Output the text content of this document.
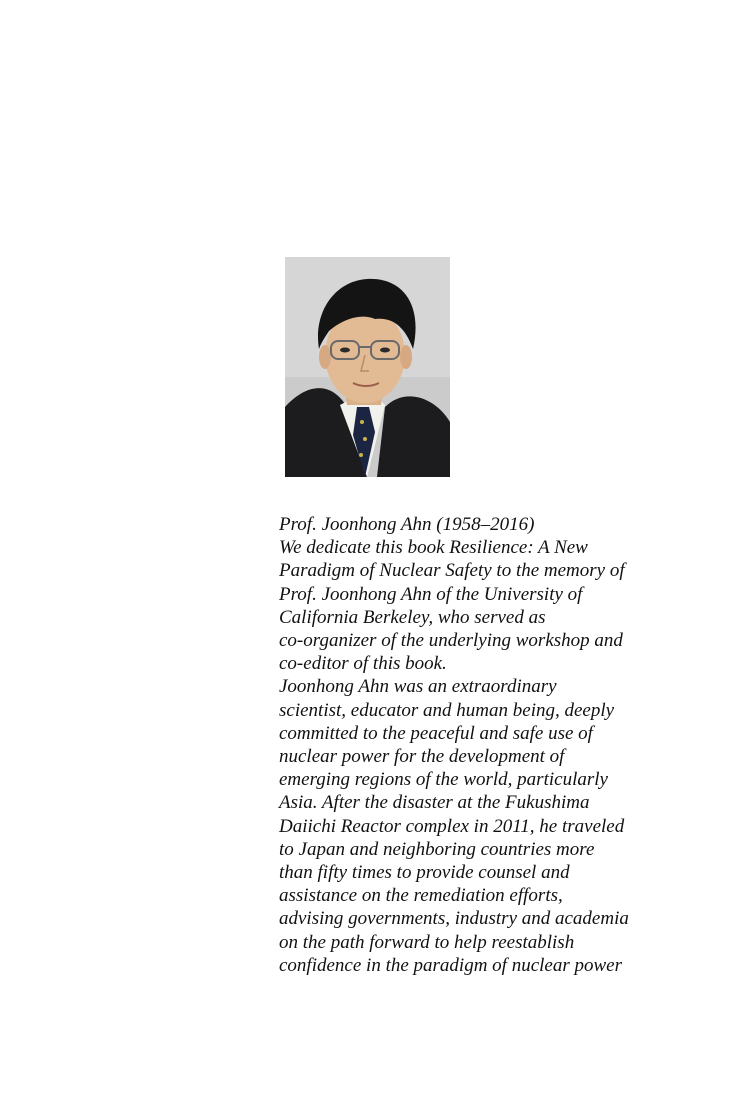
Prof. Joonhong Ahn (1958–2016)
We dedicate this book Resilience: A New
Paradigm of Nuclear Safety to the memory of
Prof. Joonhong Ahn of the University of
California Berkeley, who served as
co-organizer of the underlying workshop and
co-editor of this book.
Joonhong Ahn was an extraordinary
scientist, educator and human being, deeply
committed to the peaceful and safe use of
nuclear power for the development of
emerging regions of the world, particularly
Asia. After the disaster at the Fukushima
Daiichi Reactor complex in 2011, he traveled
to Japan and neighboring countries more
than fifty times to provide counsel and
assistance on the remediation efforts,
advising governments, industry and academia
on the path forward to help reestablish
confidence in the paradigm of nuclear power
